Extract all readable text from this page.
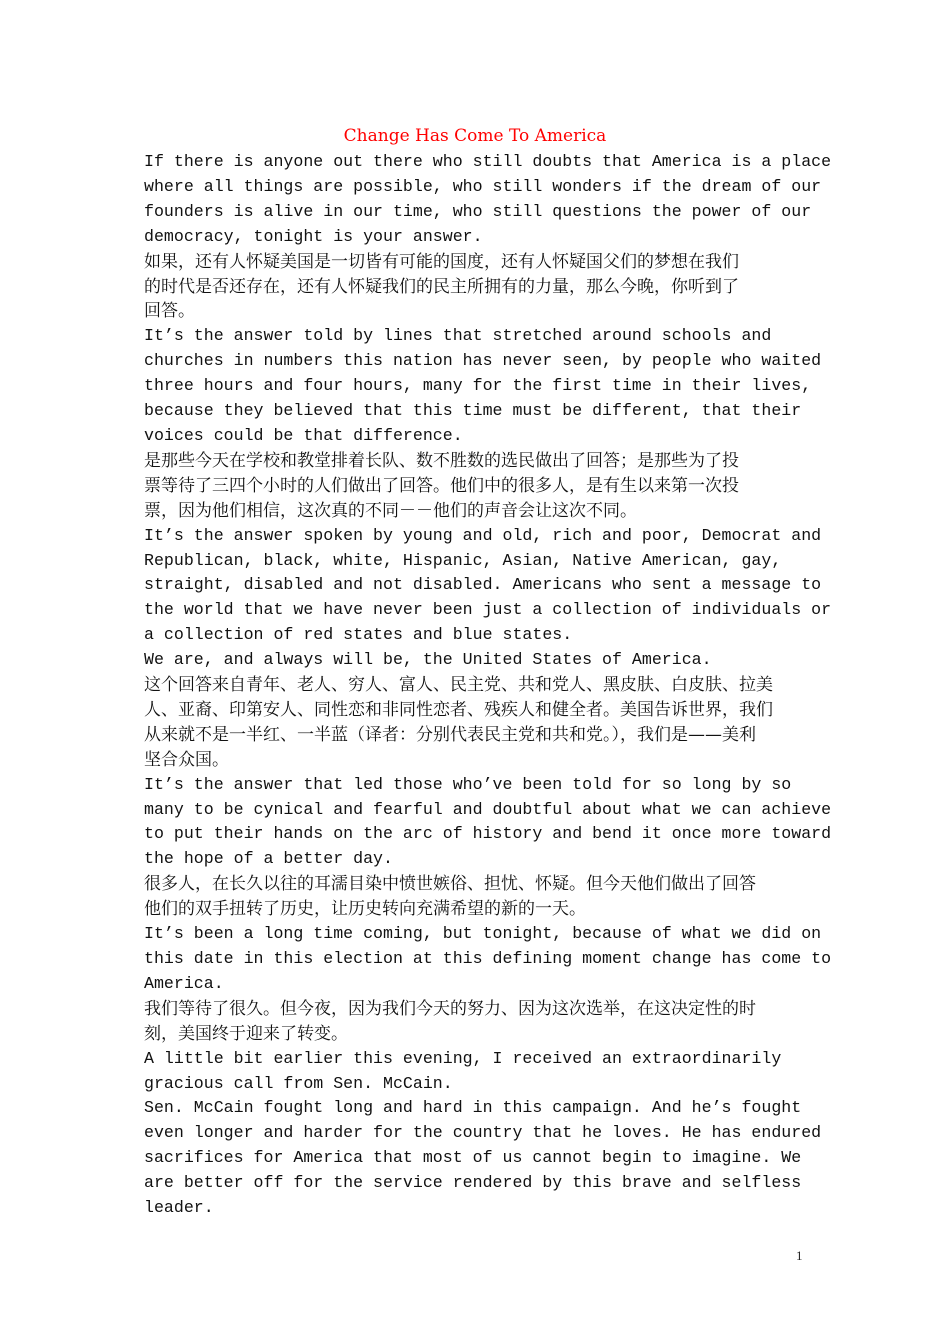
Change Has Come To America
If there is anyone out there who still doubts that America is a place
where all things are possible, who still wonders if the dream of our
founders is alive in our time, who still questions the power of our
democracy, tonight is your answer.
如果，还有人怀疑美国是一切皆有可能的国度，还有人怀疑国父们的梦想在我们
的时代是否还存在，还有人怀疑我们的民主所拥有的力量，那么今晚，你听到了
回答。
It’s the answer told by lines that stretched around schools and
churches in numbers this nation has never seen, by people who waited
three hours and four hours, many for the first time in their lives,
because they believed that this time must be different, that their
voices could be that difference.
是那些今天在学校和教堂排着长队、数不胜数的选民做出了回答；是那些为了投
票等待了三四个小时的人们做出了回答。他们中的很多人，是有生以来第一次投
票，因为他们相信，这次真的不同－－他们的声音会让这次不同。
It’s the answer spoken by young and old, rich and poor, Democrat and
Republican, black, white, Hispanic, Asian, Native American, gay,
straight, disabled and not disabled. Americans who sent a message to
the world that we have never been just a collection of individuals or
a collection of red states and blue states.
We are, and always will be, the United States of America.
这个回答来自青年、老人、穷人、富人、民主党、共和党人、黑皮肤、白皮肤、拉美
人、亚裔、印第安人、同性恋和非同性恋者、残疾人和健全者。美国告诉世界，我们
从来就不是一半红、一半蓝（译者：分别代表民主党和共和党。），我们是——美利
坚合众国。
It’s the answer that led those who’ve been told for so long by so
many to be cynical and fearful and doubtful about what we can achieve
to put their hands on the arc of history and bend it once more toward
the hope of a better day.
很多人，在长久以往的耳濡目染中愤世嫉俗、担忧、怀疑。但今天他们做出了回答
他们的双手扭转了历史，让历史转向充满希望的新的一天。
It’s been a long time coming, but tonight, because of what we did on
this date in this election at this defining moment change has come to
America.
我们等待了很久。但今夜，因为我们今天的努力、因为这次选举，在这决定性的时
刻，美国终于迎来了转变。
A little bit earlier this evening, I received an extraordinarily
gracious call from Sen. McCain.
Sen. McCain fought long and hard in this campaign. And he’s fought
even longer and harder for the country that he loves. He has endured
sacrifices for America that most of us cannot begin to imagine. We
are better off for the service rendered by this brave and selfless
leader.
1
